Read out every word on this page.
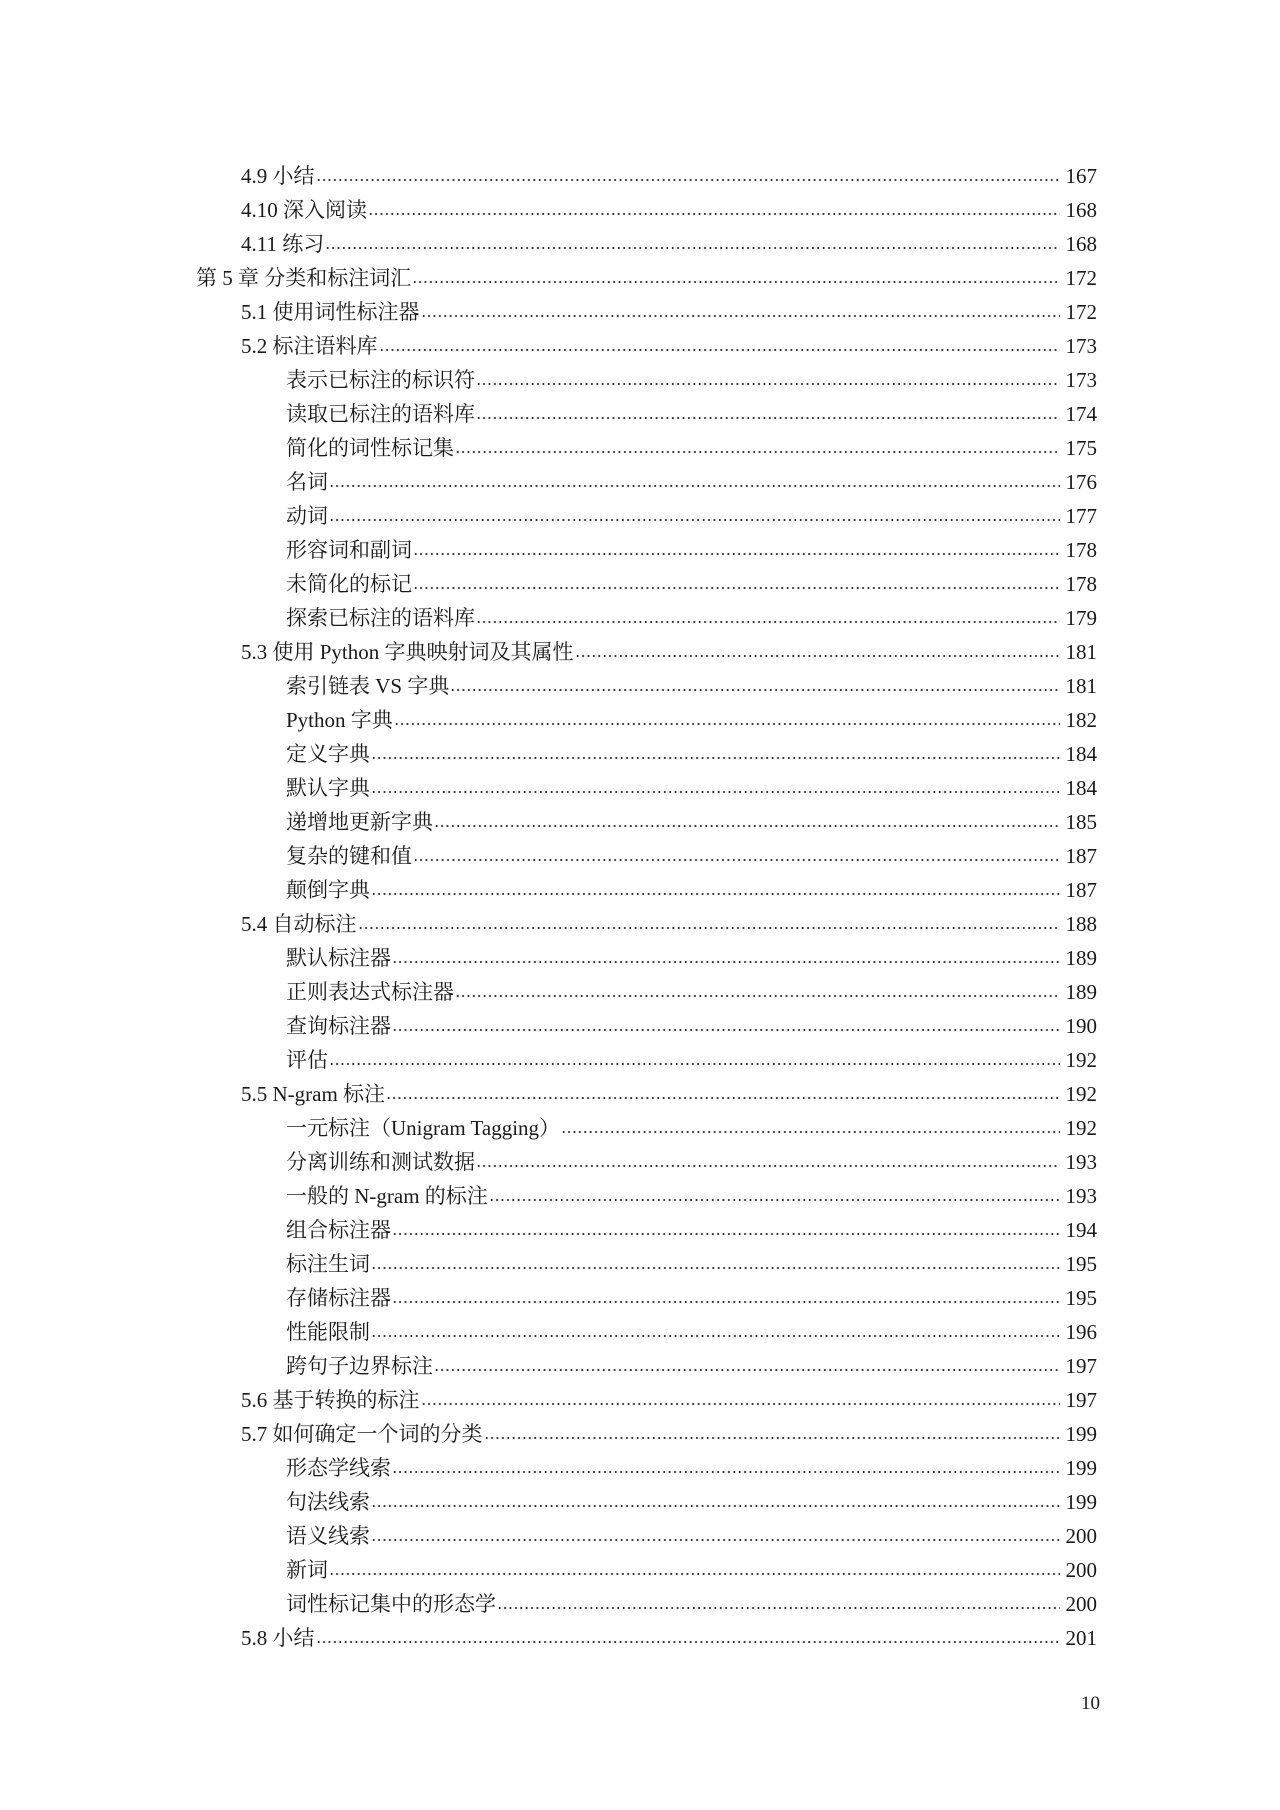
4.9 小结	167
4.10 深入阅读	168
4.11 练习	168
第 5 章 分类和标注词汇	172
5.1 使用词性标注器	172
5.2 标注语料库	173
表示已标注的标识符	173
读取已标注的语料库	174
简化的词性标记集	175
名词	176
动词	177
形容词和副词	178
未简化的标记	178
探索已标注的语料库	179
5.3 使用 Python 字典映射词及其属性	181
索引链表 VS 字典	181
Python 字典	182
定义字典	184
默认字典	184
递增地更新字典	185
复杂的键和值	187
颠倒字典	187
5.4 自动标注	188
默认标注器	189
正则表达式标注器	189
查询标注器	190
评估	192
5.5 N-gram 标注	192
一元标注（Unigram Tagging）	192
分离训练和测试数据	193
一般的 N-gram 的标注	193
组合标注器	194
标注生词	195
存储标注器	195
性能限制	196
跨句子边界标注	197
5.6 基于转换的标注	197
5.7 如何确定一个词的分类	199
形态学线索	199
句法线索	199
语义线索	200
新词	200
词性标记集中的形态学	200
5.8 小结	201
10
